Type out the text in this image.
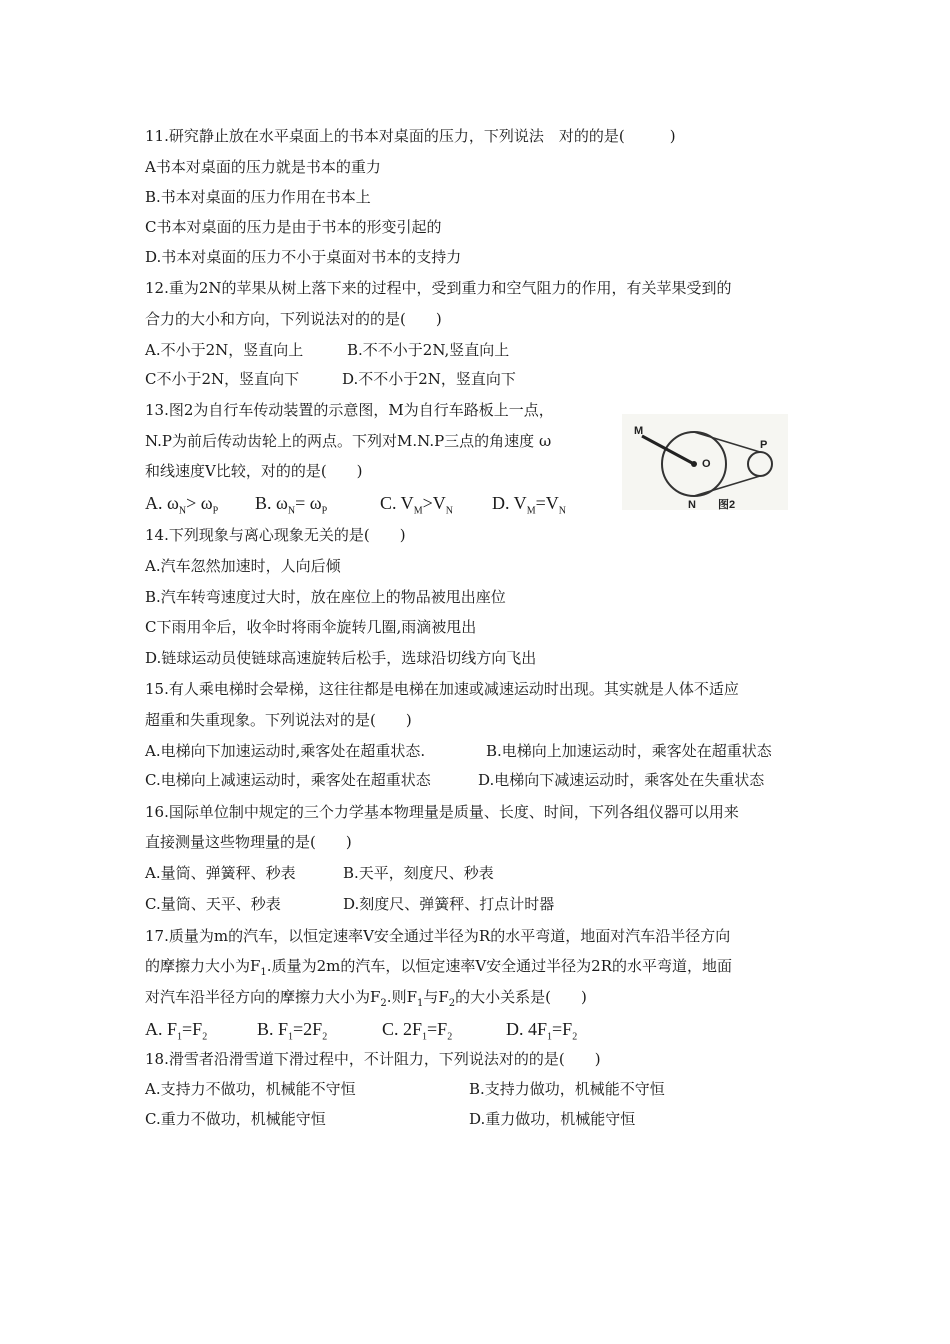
11.研究静止放在水平桌面上的书本对桌面的压力，下列说法　对的的是(　　　)
A书本对桌面的压力就是书本的重力
B.书本对桌面的压力作用在书本上
C书本对桌面的压力是由于书本的形变引起的
D.书本对桌面的压力不小于桌面对书本的支持力
12.重为2N的苹果从树上落下来的过程中，受到重力和空气阻力的作用，有关苹果受到的
合力的大小和方向，下列说法对的的是(　　)
A.不小于2N，竖直向上	B.不不小于2N,竖直向上
C不小于2N，竖直向下	D.不不小于2N，竖直向下
13.图2为自行车传动装置的示意图，M为自行车路板上一点，
N.P为前后传动齿轮上的两点。下列对M.N.P三点的角速度 ω
和线速度V比较，对的的是(　　)
A. $\omega_N> \omega_P$ B. $\omega_N= \omega_P$	C. $V_M>V_N$ D. $V_M=V_N$
M
O
P
N 图2
14.下列现象与离心现象无关的是(　　)
A.汽车忽然加速时，人向后倾
B.汽车转弯速度过大时，放在座位上的物品被甩出座位
C下雨用伞后，收伞时将雨伞旋转几圈,雨滴被甩出
D.链球运动员使链球高速旋转后松手，选球沿切线方向飞出
15.有人乘电梯时会晕梯，这往往都是电梯在加速或减速运动时出现。其实就是人体不适应
超重和失重现象。下列说法对的是(　　)
A.电梯向下加速运动时,乘客处在超重状态.	B.电梯向上加速运动时，乘客处在超重状态
C.电梯向上减速运动时，乘客处在超重状态	D.电梯向下减速运动时，乘客处在失重状态
16.国际单位制中规定的三个力学基本物理量是质量、长度、时间，下列各组仪器可以用来
直接测量这些物理量的是(　　)
A.量筒、弹簧秤、秒表	B.天平，刻度尺、秒表
C.量筒、天平、秒表	D.刻度尺、弹簧秤、打点计时器
17.质量为m的汽车，以恒定速率V安全通过半径为R的水平弯道，地面对汽车沿半径方向
的摩擦力大小为$F_1$.质量为2m的汽车，以恒定速率V安全通过半径为2R的水平弯道，地面
对汽车沿半径方向的摩擦力大小为$F_2$.则$F_1$与$F_2$的大小关系是(　　)
A. $F_1=F_2$	B. $F_1=2F_2$	C. $2F_1=F_2$	D. $4F_1=F_2$
18.滑雪者沿滑雪道下滑过程中，不计阻力，下列说法对的的是(　　)
A.支持力不做功，机械能不守恒	B.支持力做功，机械能不守恒
C.重力不做功，机械能守恒	D.重力做功，机械能守恒
